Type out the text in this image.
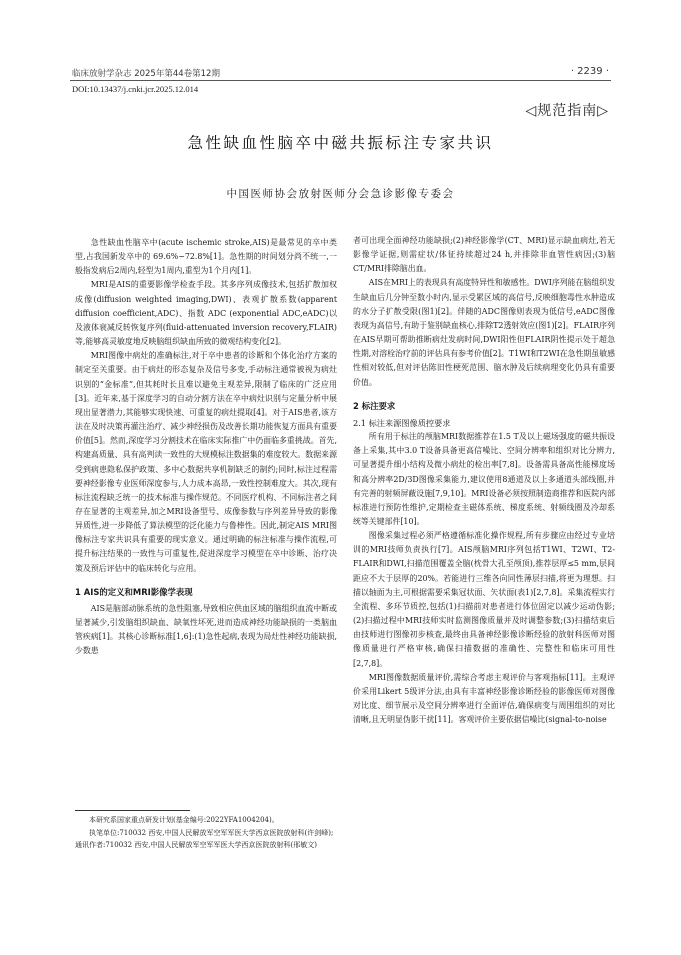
临床放射学杂志 2025年第44卷第12期	· 2239 ·
DOI:10.13437/j.cnki.jcr.2025.12.014
◁规范指南▷
急性缺血性脑卒中磁共振标注专家共识
中国医师协会放射医师分会急诊影像专委会

急性缺血性脑卒中(acute ischemic stroke,AIS)是最常见的卒中类型,占我国新发卒中的 69.6%~72.8%[1]。急性期的时间划分尚不统一,一般指发病后2周内,轻型为1周内,重型为1个月内[1]。

MRI是AIS的重要影像学检查手段。其多序列成像技术,包括扩散加权成像(diffusion weighted imaging,DWI)、表观扩散系数(apparent diffusion coefficient,ADC)、指数 ADC (exponential ADC,eADC)以及液体衰减反转恢复序列(fluid-attenuated inversion recovery,FLAIR)等,能够高灵敏度地反映脑组织缺血所致的微观结构变化[2]。

MRI图像中病灶的准确标注,对于卒中患者的诊断和个体化治疗方案的制定至关重要。由于病灶的形态复杂及信号多变,手动标注通常被视为病灶识别的“金标准”,但其耗时长且难以避免主观差异,限制了临床的广泛应用[3]。近年来,基于深度学习的自动分割方法在卒中病灶识别与定量分析中展现出显著潜力,其能够实现快速、可重复的病灶提取[4]。对于AIS患者,该方法在及时决策再灌注治疗、减少神经损伤及改善长期功能恢复方面具有重要价值[5]。然而,深度学习分割技术在临床实际推广中仍面临多重挑战。首先,构建高质量、具有高判读一致性的大规模标注数据集的难度较大。数据来源受到病患隐私保护政策、多中心数据共享机制缺乏的制约;同时,标注过程需要神经影像专业医师深度参与,人力成本高昂,一致性控制难度大。其次,现有标注流程缺乏统一的技术标准与操作规范。不同医疗机构、不同标注者之间存在显著的主观差异,加之MRI设备型号、成像参数与序列差异导致的影像异质性,进一步降低了算法模型的泛化能力与鲁棒性。因此,制定AIS MRI图像标注专家共识具有重要的现实意义。通过明确的标注标准与操作流程,可提升标注结果的一致性与可重复性,促进深度学习模型在卒中诊断、治疗决策及预后评估中的临床转化与应用。

1 AIS的定义和MRI影像学表现

AIS是脑部动脉系统的急性阻塞,导致相应供血区域的脑组织血流中断或显著减少,引发脑组织缺血、缺氧性坏死,进而造成神经功能缺损的一类脑血管疾病[1]。其核心诊断标准[1,6]:(1)急性起病,表现为局灶性神经功能缺损,少数患

者可出现全面神经功能缺损;(2)神经影像学(CT、MRI)显示缺血病灶,若无影像学证据,则需症状/体征持续超过24 h,并排除非血管性病因;(3)脑CT/MRI排除脑出血。

AIS在MRI上的表现具有高度特异性和敏感性。DWI序列能在脑组织发生缺血后几分钟至数小时内,显示受累区域的高信号,反映细胞毒性水肿造成的水分子扩散受限(图1)[2]。伴随的ADC图像则表现为低信号,eADC图像表现为高信号,有助于鉴别缺血核心,排除T2透射效应(图1)[2]。FLAIR序列在AIS早期可帮助推断病灶发病时间,DWI阳性但FLAIR阴性提示处于超急性期,对溶栓治疗前的评估具有参考价值[2]。T1WI和T2WI在急性期虽敏感性相对较低,但对评估陈旧性梗死范围、脑水肿及后续病理变化仍具有重要价值。

2 标注要求

2.1 标注来源图像质控要求

所有用于标注的颅脑MRI数据推荐在1.5 T及以上磁场强度的磁共振设备上采集,其中3.0 T设备具备更高信噪比、空间分辨率和组织对比分辨力,可显著提升细小结构及微小病灶的检出率[7,8]。设备需具备高性能梯度场和高分辨率2D/3D图像采集能力,建议使用8通道及以上多通道头部线圈,并有完善的射频屏蔽设施[7,9,10]。MRI设备必须按照制造商推荐和医院内部标准进行预防性维护,定期检查主磁体系统、梯度系统、射频线圈及冷却系统等关键部件[10]。

图像采集过程必须严格遵循标准化操作规程,所有步骤应由经过专业培训的MRI技师负责执行[7]。AIS颅脑MRI序列包括T1WI、T2WI、T2-FLAIR和DWI,扫描范围覆盖全脑(枕骨大孔至颅顶),推荐层厚≤5 mm,层间距应不大于层厚的20%。若能进行三维各向同性薄层扫描,将更为理想。扫描以轴面为主,可根据需要采集冠状面、矢状面(表1)[2,7,8]。采集流程实行全流程、多环节质控,包括(1)扫描前对患者进行体位固定以减少运动伪影;(2)扫描过程中MRI技师实时监测图像质量并及时调整参数;(3)扫描结束后由技师进行图像初步核查,最终由具备神经影像诊断经验的放射科医师对图像质量进行严格审核,确保扫描数据的准确性、完整性和临床可用性[2,7,8]。

MRI图像数据质量评价,需综合考虑主观评价与客观指标[11]。主观评价采用Likert 5级评分法,由具有丰富神经影像诊断经验的影像医师对图像对比度、细节展示及空间分辨率进行全面评估,确保病变与周围组织的对比清晰,且无明显伪影干扰[11]。客观评价主要依据信噪比(signal-to-noise

本研究系国家重点研发计划(基金编号:2022YFA1004204)。

执笔单位:710032 西安,中国人民解放军空军军医大学西京医院放射科(许剑峰);通讯作者:710032 西安,中国人民解放军空军军医大学西京医院放射科(邢敏文)
